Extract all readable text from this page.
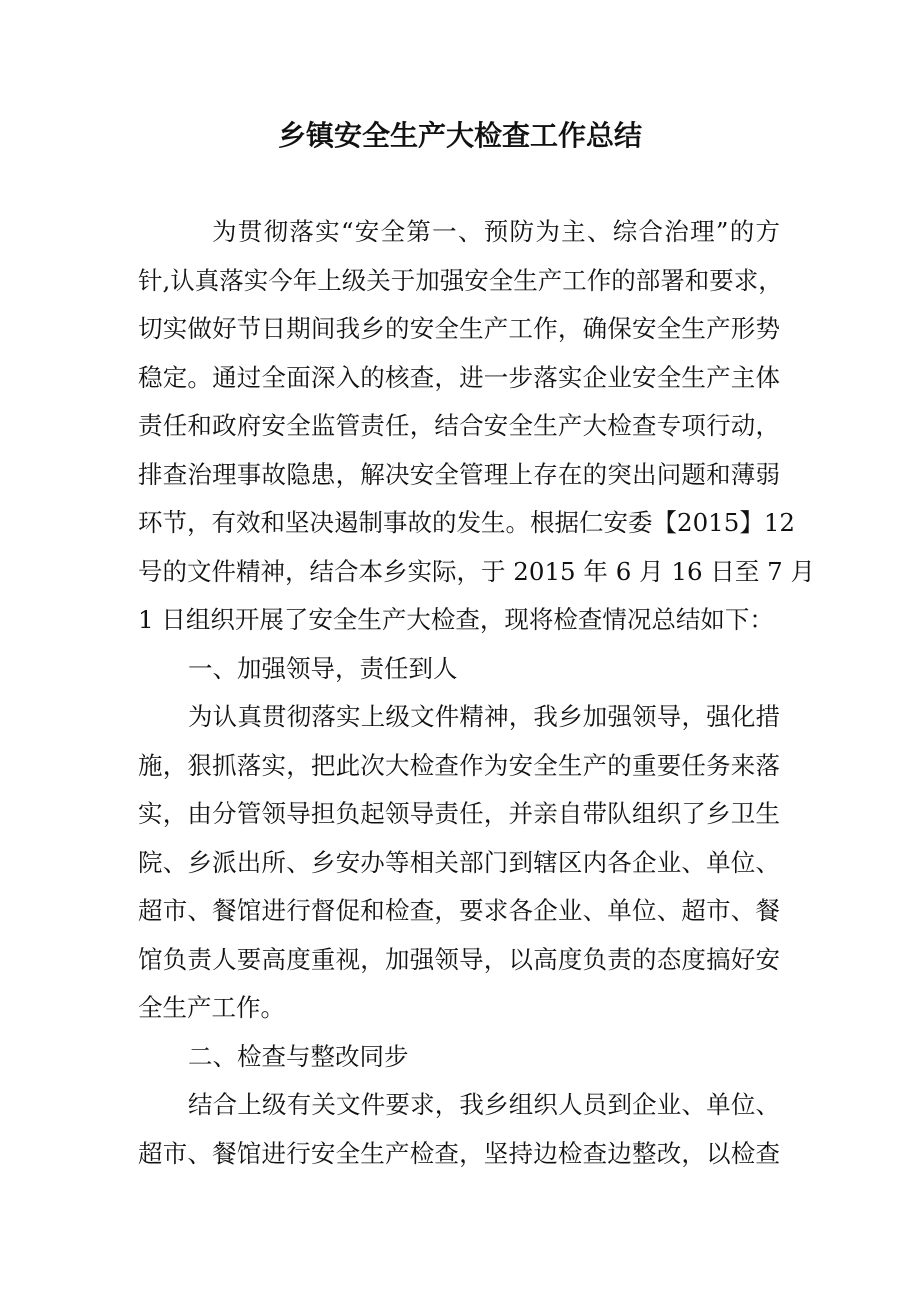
乡镇安全生产大检查工作总结
为贯彻落实“安全第一、预防为主、综合治理”的方
针,认真落实今年上级关于加强安全生产工作的部署和要求，
切实做好节日期间我乡的安全生产工作，确保安全生产形势
稳定。通过全面深入的核查，进一步落实企业安全生产主体
责任和政府安全监管责任，结合安全生产大检查专项行动，
排查治理事故隐患，解决安全管理上存在的突出问题和薄弱
环节，有效和坚决遏制事故的发生。根据仁安委【2015】12
号的文件精神，结合本乡实际，于 2015 年 6 月 16 日至 7 月
1 日组织开展了安全生产大检查，现将检查情况总结如下：
一、加强领导，责任到人
为认真贯彻落实上级文件精神，我乡加强领导，强化措
施，狠抓落实，把此次大检查作为安全生产的重要任务来落
实，由分管领导担负起领导责任，并亲自带队组织了乡卫生
院、乡派出所、乡安办等相关部门到辖区内各企业、单位、
超市、餐馆进行督促和检查，要求各企业、单位、超市、餐
馆负责人要高度重视，加强领导，以高度负责的态度搞好安
全生产工作。
二、检查与整改同步
结合上级有关文件要求，我乡组织人员到企业、单位、
超市、餐馆进行安全生产检查，坚持边检查边整改，以检查
